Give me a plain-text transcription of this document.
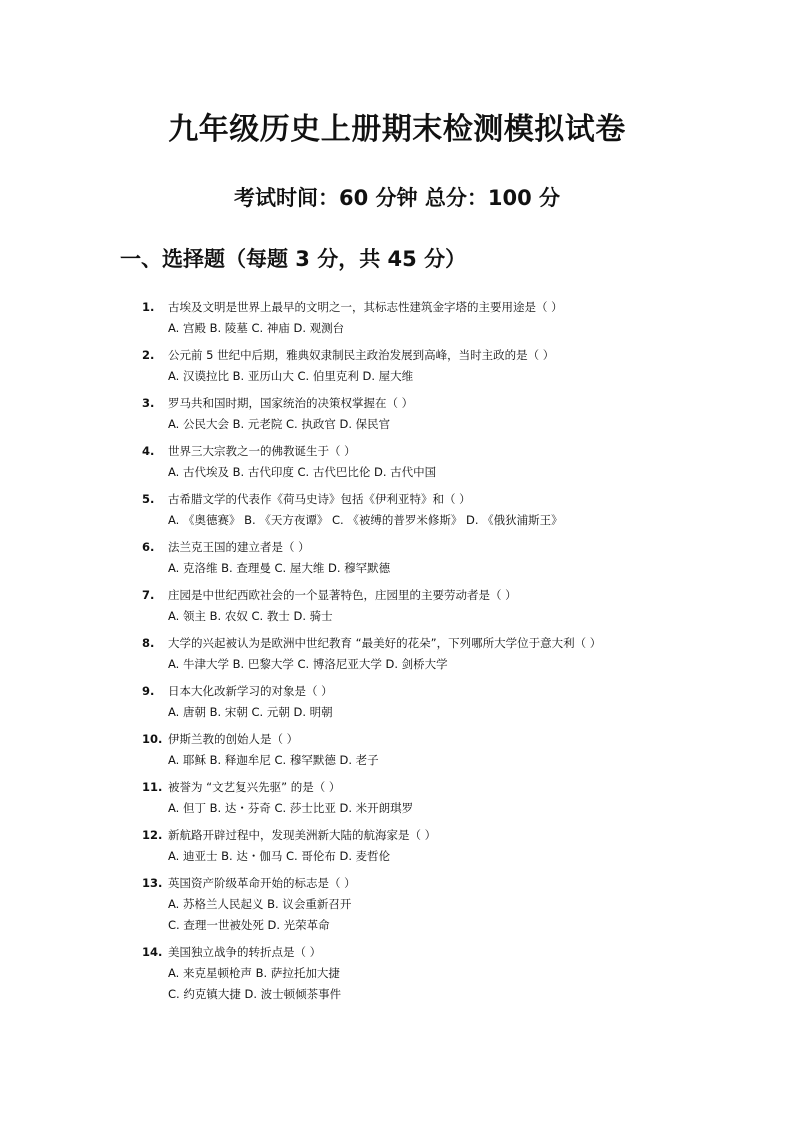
九年级历史上册期末检测模拟试卷
考试时间：60 分钟 总分：100 分
一、选择题（每题 3 分，共 45 分）
1.	古埃及文明是世界上最早的文明之一，其标志性建筑金字塔的主要用途是（ ）
A. 宫殿 B. 陵墓 C. 神庙 D. 观测台
2.	公元前 5 世纪中后期，雅典奴隶制民主政治发展到高峰，当时主政的是（ ）
A. 汉谟拉比 B. 亚历山大 C. 伯里克利 D. 屋大维
3.	罗马共和国时期，国家统治的决策权掌握在（ ）
A. 公民大会 B. 元老院 C. 执政官 D. 保民官
4.	世界三大宗教之一的佛教诞生于（ ）
A. 古代埃及 B. 古代印度 C. 古代巴比伦 D. 古代中国
5.	古希腊文学的代表作《荷马史诗》包括《伊利亚特》和（ ）
A. 《奥德赛》 B. 《天方夜谭》 C. 《被缚的普罗米修斯》 D. 《俄狄浦斯王》
6.	法兰克王国的建立者是（ ）
A. 克洛维 B. 查理曼 C. 屋大维 D. 穆罕默德
7.	庄园是中世纪西欧社会的一个显著特色，庄园里的主要劳动者是（ ）
A. 领主 B. 农奴 C. 教士 D. 骑士
8.	大学的兴起被认为是欧洲中世纪教育 “最美好的花朵”，下列哪所大学位于意大利（ ）
A. 牛津大学 B. 巴黎大学 C. 博洛尼亚大学 D. 剑桥大学
9.	日本大化改新学习的对象是（ ）
A. 唐朝 B. 宋朝 C. 元朝 D. 明朝
10. 伊斯兰教的创始人是（ ）
A. 耶稣 B. 释迦牟尼 C. 穆罕默德 D. 老子
11. 被誉为 “文艺复兴先驱” 的是（ ）
A. 但丁 B. 达・芬奇 C. 莎士比亚 D. 米开朗琪罗
12. 新航路开辟过程中，发现美洲新大陆的航海家是（ ）
A. 迪亚士 B. 达・伽马 C. 哥伦布 D. 麦哲伦
13. 英国资产阶级革命开始的标志是（ ）
A. 苏格兰人民起义 B. 议会重新召开
C. 查理一世被处死 D. 光荣革命
14. 美国独立战争的转折点是（ ）
A. 来克星顿枪声 B. 萨拉托加大捷
C. 约克镇大捷 D. 波士顿倾茶事件
